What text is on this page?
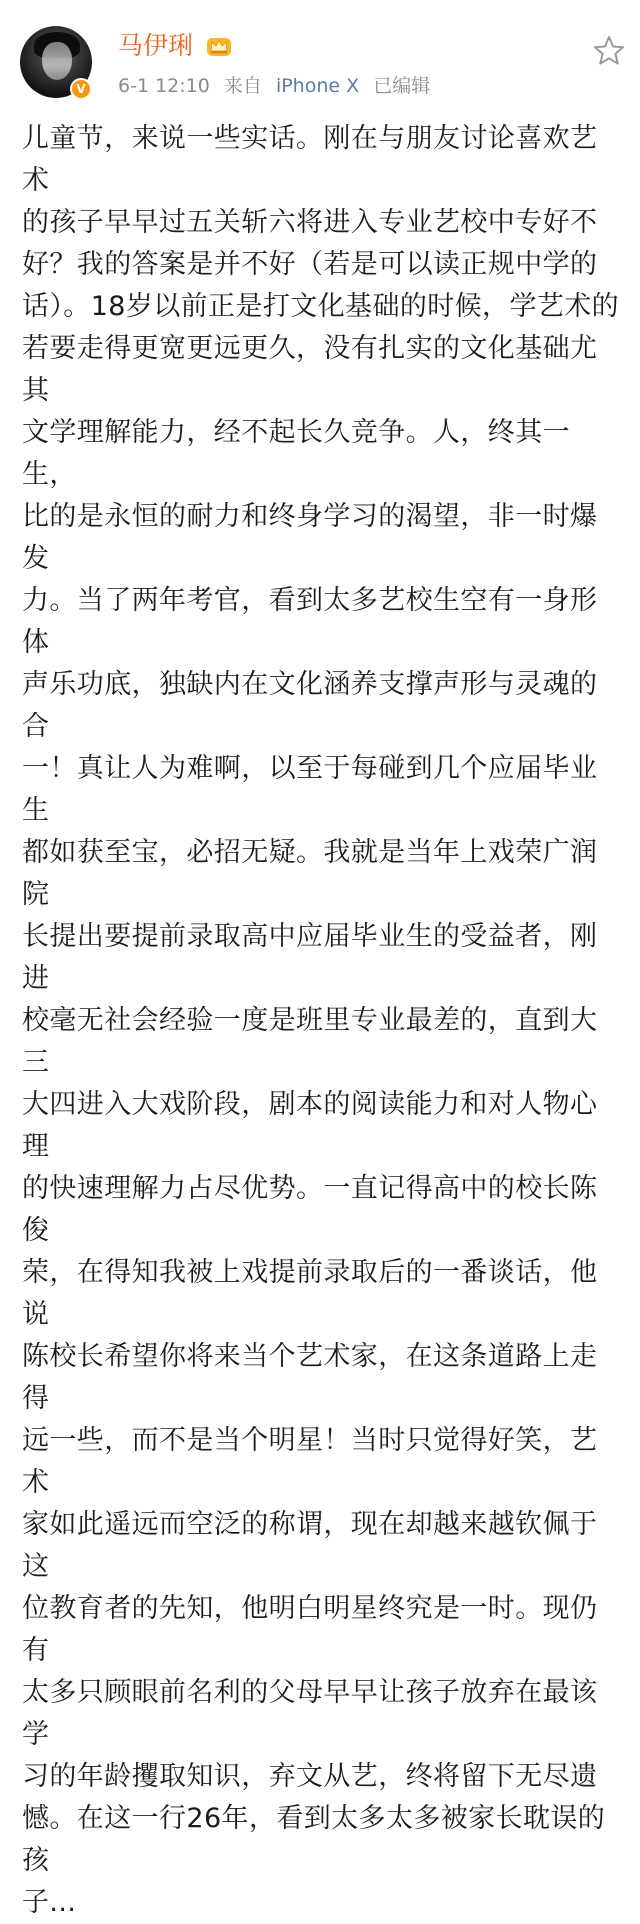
V
马伊琍
6-1 12:10 来自 iPhone X 已编辑
儿童节，来说一些实话。刚在与朋友讨论喜欢艺术
的孩子早早过五关斩六将进入专业艺校中专好不
好？我的答案是并不好（若是可以读正规中学的
话）。18岁以前正是打文化基础的时候，学艺术的
若要走得更宽更远更久，没有扎实的文化基础尤其
文学理解能力，经不起长久竞争。人，终其一生，
比的是永恒的耐力和终身学习的渴望，非一时爆发
力。当了两年考官，看到太多艺校生空有一身形体
声乐功底，独缺内在文化涵养支撑声形与灵魂的合
一！真让人为难啊，以至于每碰到几个应届毕业生
都如获至宝，必招无疑。我就是当年上戏荣广润院
长提出要提前录取高中应届毕业生的受益者，刚进
校毫无社会经验一度是班里专业最差的，直到大三
大四进入大戏阶段，剧本的阅读能力和对人物心理
的快速理解力占尽优势。一直记得高中的校长陈俊
荣，在得知我被上戏提前录取后的一番谈话，他说
陈校长希望你将来当个艺术家，在这条道路上走得
远一些，而不是当个明星！当时只觉得好笑，艺术
家如此遥远而空泛的称谓，现在却越来越钦佩于这
位教育者的先知，他明白明星终究是一时。现仍有
太多只顾眼前名利的父母早早让孩子放弃在最该学
习的年龄攫取知识，弃文从艺，终将留下无尽遗
憾。在这一行26年，看到太多太多被家长耽误的孩
子...
